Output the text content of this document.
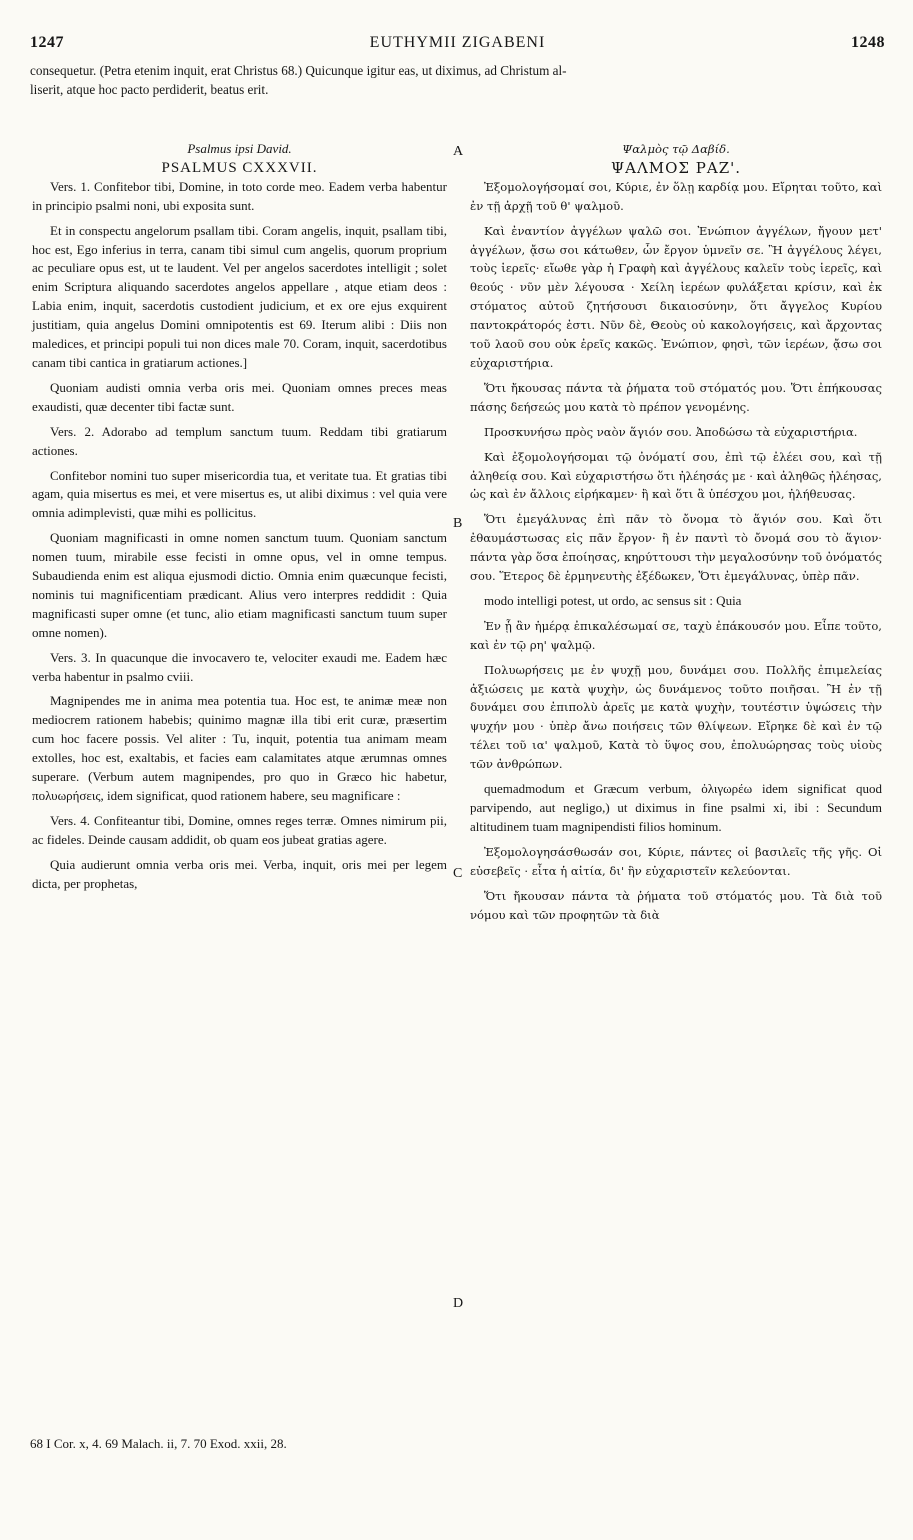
1247	EUTHYMII ZIGABENI	1248

consequetur. (Petra etenim inquit, erat Christus 68.) Quicunque igitur eas, ut diximus, ad Christum al-

liserit, atque hoc pacto perdiderit, beatus erit.

Psalmus ipsi David.

PSALMUS CXXXVII.

Vers. 1. Confitebor tibi, Domine, in toto corde meo. Eadem verba habentur in principio psalmi noni, ubi exposita sunt.

Et in conspectu angelorum psallam tibi. Coram angelis, inquit, psallam tibi, hoc est, Ego inferius in terra, canam tibi simul cum angelis, quorum proprium ac peculiare opus est, ut te laudent. Vel per angelos sacerdotes intelligit ; solet enim Scriptura aliquando sacerdotes angelos appellare , atque etiam deos : Labia enim, inquit, sacerdotis custodient judicium, et ex ore ejus exquirent justitiam, quia angelus Domini omnipotentis est 69. Iterum alibi : Diis non maledices, et principi populi tui non dices male 70. Coram, inquit, sacerdotibus canam tibi cantica in gratiarum actiones.]

Quoniam audisti omnia verba oris mei. Quoniam omnes preces meas exaudisti, quæ decenter tibi factæ sunt.

Vers. 2. Adorabo ad templum sanctum tuum. Reddam tibi gratiarum actiones.

Confitebor nomini tuo super misericordia tua, et veritate tua. Et gratias tibi agam, quia misertus es mei, et vere misertus es, ut alibi diximus : vel quia vere omnia adimplevisti, quæ mihi es pollicitus.

Quoniam magnificasti in omne nomen sanctum tuum. Quoniam sanctum nomen tuum, mirabile esse fecisti in omne opus, vel in omne tempus. Subaudienda enim est aliqua ejusmodi dictio. Omnia enim quæcunque fecisti, nominis tui magnificentiam prædicant. Alius vero interpres reddidit : Quia magnificasti super omne (et tunc, alio etiam magnificasti sanctum tuum super omne nomen).

Vers. 3. In quacunque die invocavero te, velociter exaudi me. Eadem hæc verba habentur in psalmo cviii.

Magnipendes me in anima mea potentia tua. Hoc est, te animæ meæ non mediocrem rationem habebis; quinimo magnæ illa tibi erit curæ, præsertim cum hoc facere possis. Vel aliter : Tu, inquit, potentia tua animam meam extolles, hoc est, exaltabis, et facies eam calamitates atque ærumnas omnes superare. (Verbum autem magnipendes, pro quo in Græco hic habetur, πολυωρήσεις, idem significat, quod rationem habere, seu magnificare :

Vers. 4. Confiteantur tibi, Domine, omnes reges terræ. Omnes nimirum pii, ac fideles. Deinde causam addidit, ob quam eos jubeat gratias agere.

Quia audierunt omnia verba oris mei. Verba, inquit, oris mei per legem dicta, per prophetas,

Ψαλμὸς τῷ Δαβίδ.

ΨΑΛΜΟΣ ΡΑΖ'.

Ἐξομολογήσομαί σοι, Κύριε, ἐν ὅλῃ καρδίᾳ μου. Εἴρηται τοῦτο, καὶ ἐν τῇ ἀρχῇ τοῦ θ' ψαλμοῦ.

Καὶ ἐναντίον ἀγγέλων ψαλῶ σοι. Ἐνώπιον ἀγγέλων, ἤγουν μετ' ἀγγέλων, ᾄσω σοι κάτωθεν, ὧν ἔργον ὑμνεῖν σε. Ἢ ἀγγέλους λέγει, τοὺς ἱερεῖς· εἴωθε γὰρ ἡ Γραφὴ καὶ ἀγγέλους καλεῖν τοὺς ἱερεῖς, καὶ θεούς · νῦν μὲν λέγουσα · Χείλη ἱερέων φυλάξεται κρίσιν, καὶ ἐκ στόματος αὐτοῦ ζητήσουσι δικαιοσύνην, ὅτι ἄγγελος Κυρίου παντοκράτορός ἐστι. Νῦν δὲ, Θεοὺς οὐ κακολογήσεις, καὶ ἄρχοντας τοῦ λαοῦ σου οὐκ ἐρεῖς κακῶς. Ἐνώπιον, φησὶ, τῶν ἱερέων, ᾄσω σοι εὐχαριστήρια.

Ὅτι ἤκουσας πάντα τὰ ῥήματα τοῦ στόματός μου. Ὅτι ἐπήκουσας πάσης δεήσεώς μου κατὰ τὸ πρέπον γενομένης.

Προσκυνήσω πρὸς ναὸν ἅγιόν σου. Ἀποδώσω τὰ εὐχαριστήρια.

Καὶ ἐξομολογήσομαι τῷ ὀνόματί σου, ἐπὶ τῷ ἐλέει σου, καὶ τῇ ἀληθείᾳ σου. Καὶ εὐχαριστήσω ὅτι ἠλέησάς με · καὶ ἀληθῶς ἠλέησας, ὡς καὶ ἐν ἄλλοις εἰρήκαμεν· ἢ καὶ ὅτι ἃ ὑπέσχου μοι, ἠλήθευσας.

Ὅτι ἐμεγάλυνας ἐπὶ πᾶν τὸ ὄνομα τὸ ἅγιόν σου. Καὶ ὅτι ἐθαυμάστωσας εἰς πᾶν ἔργον· ἢ ἐν παντὶ τὸ ὄνομά σου τὸ ἅγιον· πάντα γὰρ ὅσα ἐποίησας, κηρύττουσι τὴν μεγαλοσύνην τοῦ ὀνόματός σου. Ἕτερος δὲ ἑρμηνευτὴς ἐξέδωκεν, Ὅτι ἐμεγάλυνας, ὑπὲρ πᾶν.

modo intelligi potest, ut ordo, ac sensus sit : Quia

Ἐν ᾗ ἂν ἡμέρᾳ ἐπικαλέσωμαί σε, ταχὺ ἐπάκουσόν μου. Εἶπε τοῦτο, καὶ ἐν τῷ ρη' ψαλμῷ.

Πολυωρήσεις με ἐν ψυχῇ μου, δυνάμει σου. Πολλῆς ἐπιμελείας ἀξιώσεις με κατὰ ψυχὴν, ὡς δυνάμενος τοῦτο ποιῆσαι. Ἢ ἐν τῇ δυνάμει σου ἐπιπολὺ ἀρεῖς με κατὰ ψυχὴν, τουτέστιν ὑψώσεις τὴν ψυχήν μου · ὑπὲρ ἄνω ποιήσεις τῶν θλίψεων. Εἴρηκε δὲ καὶ ἐν τῷ τέλει τοῦ ια' ψαλμοῦ, Κατὰ τὸ ὕψος σου, ἐπολυώρησας τοὺς υἱοὺς τῶν ἀνθρώπων.

quemadmodum et Græcum verbum, ὀλιγωρέω idem significat quod parvipendo, aut negligo,) ut diximus in fine psalmi xi, ibi : Secundum altitudinem tuam magnipendisti filios hominum.

Ἐξομολογησάσθωσάν σοι, Κύριε, πάντες οἱ βασιλεῖς τῆς γῆς. Οἱ εὐσεβεῖς · εἶτα ἡ αἰτία, δι' ἣν εὐχαριστεῖν κελεύονται.

Ὅτι ἤκουσαν πάντα τὰ ῥήματα τοῦ στόματός μου. Τὰ διὰ τοῦ νόμου καὶ τῶν προφητῶν τὰ διὰ

A
B
C
D
68 I Cor. x, 4. 69 Malach. ii, 7. 70 Exod. xxii, 28.
